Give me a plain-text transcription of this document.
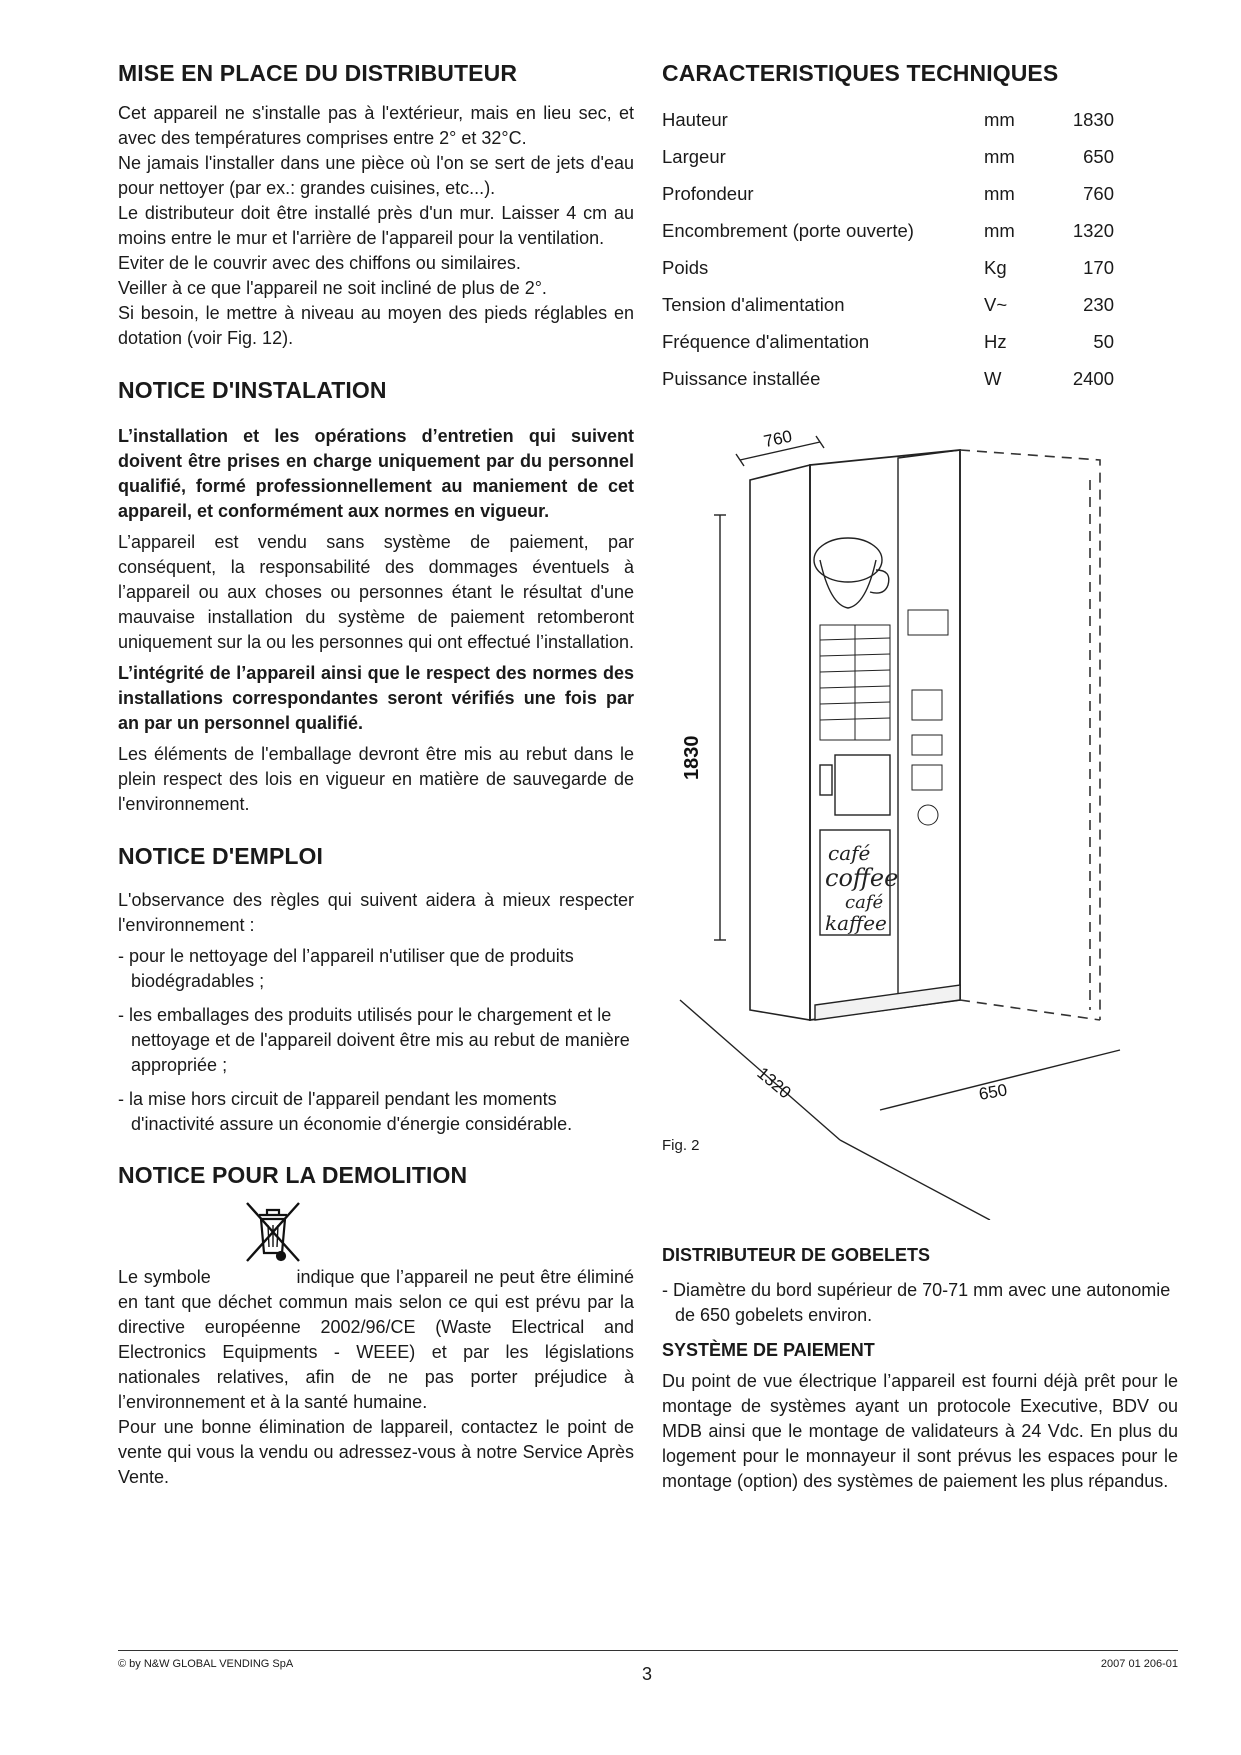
MISE EN PLACE DU DISTRIBUTEUR

Cet appareil ne s'installe pas à l'extérieur, mais en lieu sec, et avec des températures comprises entre 2° et 32°C.

Ne jamais l'installer dans une pièce où l'on se sert de jets d'eau pour nettoyer (par ex.: grandes cuisines, etc...).

Le distributeur doit être installé près d'un mur. Laisser 4 cm au moins entre le mur et l'arrière de l'appareil pour la ventilation.

Eviter de le couvrir avec des chiffons ou similaires.

Veiller à ce que l'appareil ne soit incliné de plus de 2°.

Si besoin, le mettre à niveau au moyen des pieds réglables en dotation (voir Fig. 12).

NOTICE D'INSTALATION

L’installation et les opérations d’entretien qui suivent doivent être prises en charge uniquement par du personnel qualifié, formé professionnellement au maniement de cet appareil, et conformément aux normes en vigueur.

L’appareil est vendu sans système de paiement, par conséquent, la responsabilité des dommages éventuels à l’appareil ou aux choses ou personnes étant le résultat d'une mauvaise installation du système de paiement retomberont uniquement sur la ou les personnes qui ont effectué l’installation.

L’intégrité de l’appareil ainsi que le respect des normes des installations correspondantes seront vérifiés une fois par an par un personnel qualifié.

Les éléments de l'emballage devront être mis au rebut dans le plein respect des lois en vigueur en matière de sauvegarde de l'environnement.

NOTICE D'EMPLOI

L'observance des règles qui suivent aidera à mieux respecter l'environnement :

- pour le nettoyage del l’appareil n'utiliser que de produits biodégradables ;
- les emballages des produits utilisés pour le chargement et le nettoyage et de l'appareil doivent être mis au rebut de manière appropriée ;
- la mise hors circuit de l'appareil pendant les moments d'inactivité assure un économie d'énergie considérable.
NOTICE POUR LA DEMOLITION

Le symbole	indique que l’appareil ne peut être éliminé en tant que déchet commun mais selon ce qui est prévu par la directive européenne 2002/96/CE (Waste Electrical and Electronics Equipments - WEEE) et par les législations nationales relatives, afin de ne pas porter préjudice à l’environnement et à la santé humaine.

Pour une bonne élimination de lappareil, contactez le point de vente qui vous la vendu ou adressez-vous à notre Service Après Vente.

CARACTERISTIQUES TECHNIQUES
Hauteur	mm	1830
Largeur	mm	650
Profondeur	mm	760
Encombrement (porte ouverte)	mm	1320
Poids	Kg	170
Tension d'alimentation	V~	230
Fréquence d'alimentation	Hz	50
Puissance installée	W	2400
DISTRIBUTEUR DE GOBELETS
- Diamètre du bord supérieur de 70-71 mm avec une autonomie de 650 gobelets environ.
SYSTÈME DE PAIEMENT

Du point de vue électrique l’appareil est fourni déjà prêt pour le montage de systèmes ayant un protocole Executive, BDV ou MDB ainsi que le montage de validateurs à 24 Vdc. En plus du logement pour le monnayeur il sont prévus les espaces pour le montage (option) des systèmes de paiement les plus répandus.

760
1830
650
1320
café
coffee
café
kaffee
Fig. 2
© by N&W GLOBAL VENDING SpA	3	2007 01 206-01
